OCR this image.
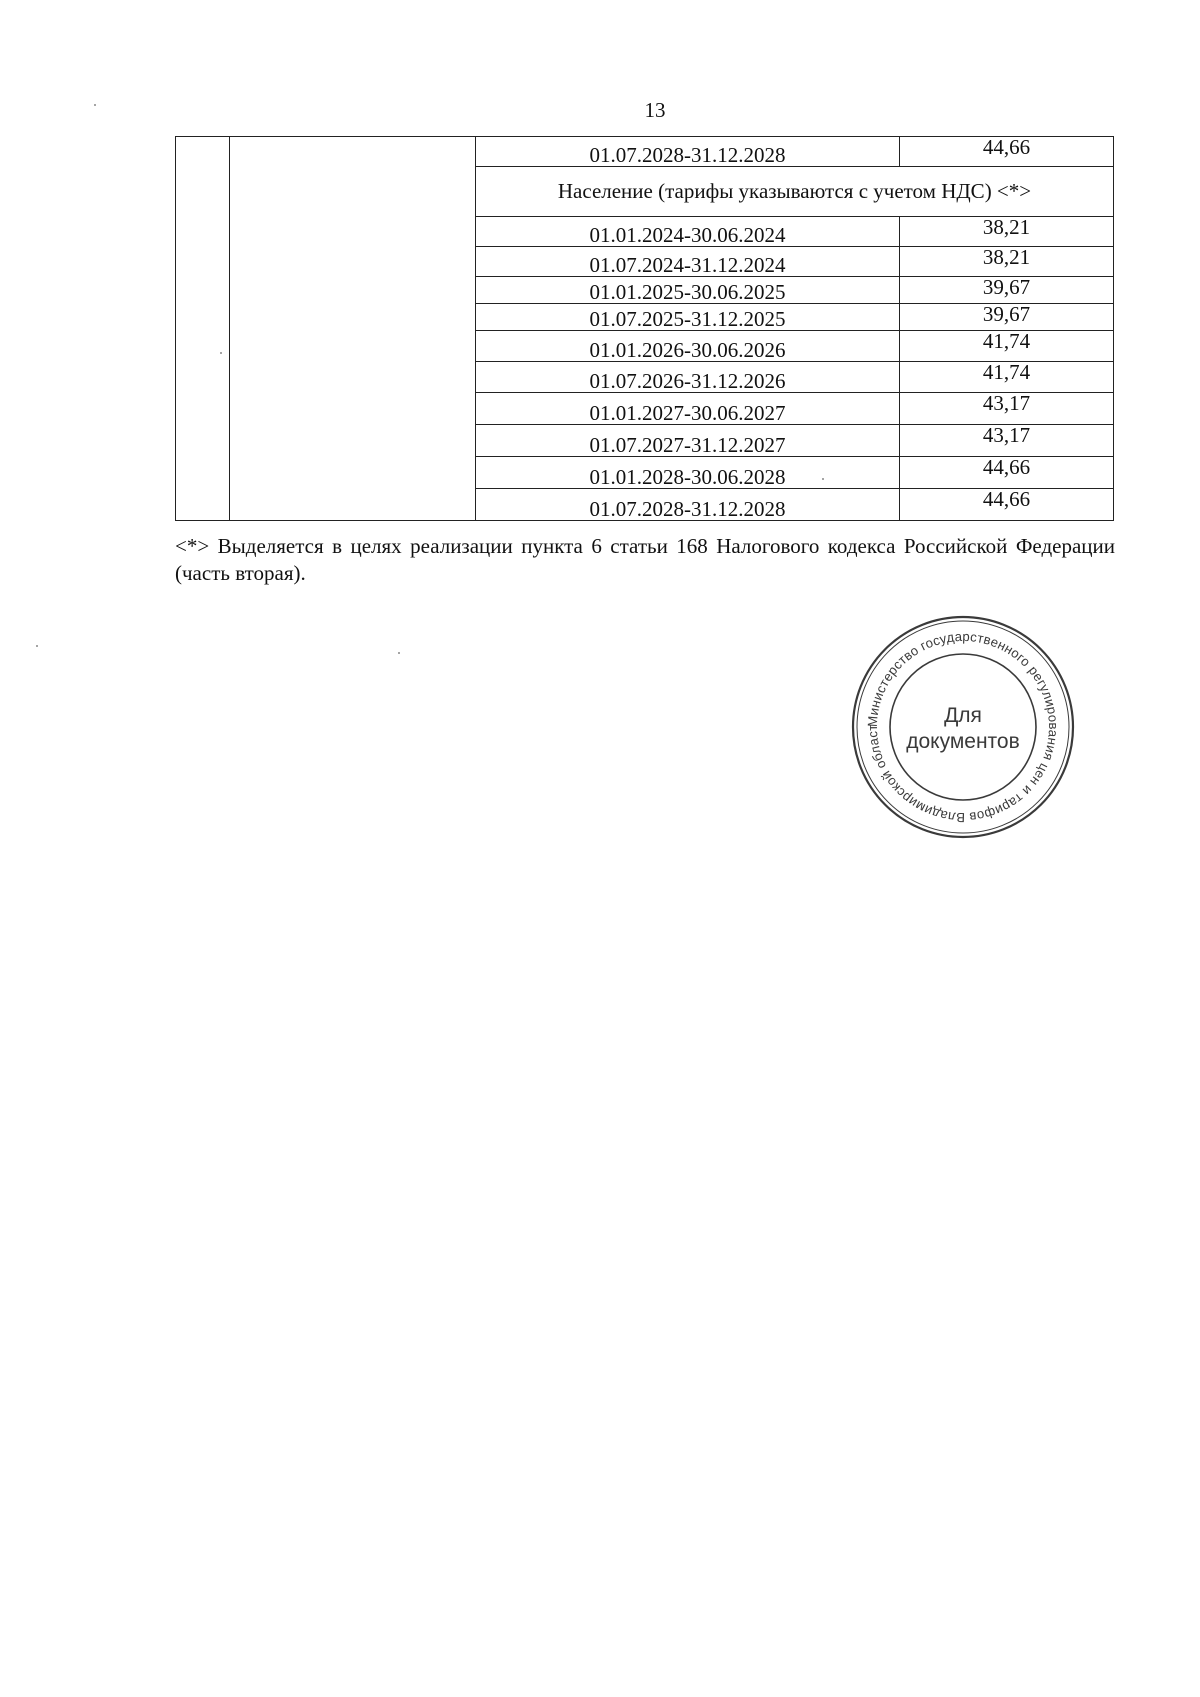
13
		01.07.2028-31.12.2028	44,66
		Население (тарифы указываются с учетом НДС) <*>	
		01.01.2024-30.06.2024	38,21
		01.07.2024-31.12.2024	38,21
		01.01.2025-30.06.2025	39,67
		01.07.2025-31.12.2025	39,67
		01.01.2026-30.06.2026	41,74
		01.07.2026-31.12.2026	41,74
		01.01.2027-30.06.2027	43,17
		01.07.2027-31.12.2027	43,17
		01.01.2028-30.06.2028	44,66
		01.07.2028-31.12.2028	44,66
<*> Выделяется в целях реализации пункта 6 статьи 168 Налогового кодекса Российской Федерации (часть вторая).
Министерство государственного регулирования цен и тарифов Владимирской област
Для
документов
